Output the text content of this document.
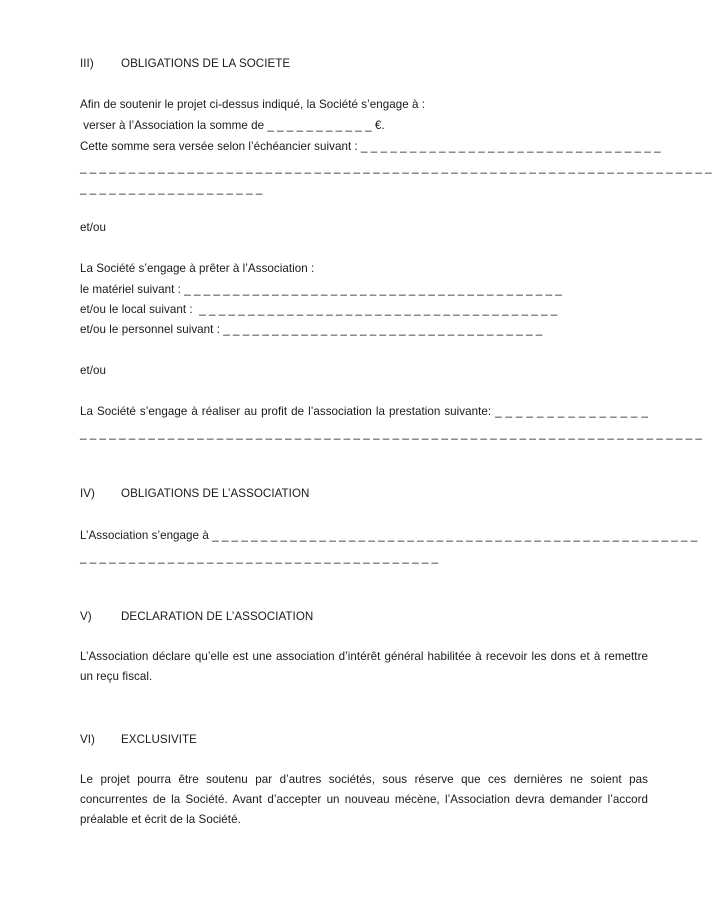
III) OBLIGATIONS DE LA SOCIETE
Afin de soutenir le projet ci-dessus indiqué, la Société s’engage à :
verser à l’Association la somme de _ _ _ _ _ _ _ _ _ _ _ €.
Cette somme sera versée selon l’échéancier suivant : _ _ _ _ _ _ _ _ _ _ _ _ _ _ _ _ _ _ _ _ _ _ _ _ _ _ _ _ _ _ _
_ _ _ _ _ _ _ _ _ _ _ _ _ _ _ _ _ _ _ _ _ _ _ _ _ _ _ _ _ _ _ _ _ _ _ _ _ _ _ _ _ _ _ _ _ _ _ _ _ _ _ _ _ _ _ _ _ _ _ _ _ _ _ _ _
_ _ _ _ _ _ _ _ _ _ _ _ _ _ _ _ _ _ _
et/ou
La Société s’engage à prêter à l’Association :
le matériel suivant : _ _ _ _ _ _ _ _ _ _ _ _ _ _ _ _ _ _ _ _ _ _ _ _ _ _ _ _ _ _ _ _ _ _ _ _ _ _ _
et/ou le local suivant :  _ _ _ _ _ _ _ _ _ _ _ _ _ _ _ _ _ _ _ _ _ _ _ _ _ _ _ _ _ _ _ _ _ _ _ _ _
et/ou le personnel suivant : _ _ _ _ _ _ _ _ _ _ _ _ _ _ _ _ _ _ _ _ _ _ _ _ _ _ _ _ _ _ _ _ _
et/ou
La Société s’engage à réaliser au profit de l’association la prestation suivante: _ _ _ _ _ _ _ _ _ _ _ _ _ _ _
_ _ _ _ _ _ _ _ _ _ _ _ _ _ _ _ _ _ _ _ _ _ _ _ _ _ _ _ _ _ _ _ _ _ _ _ _ _ _ _ _ _ _ _ _ _ _ _ _ _ _ _ _ _ _ _ _ _ _ _ _ _ _ _
IV) OBLIGATIONS DE L’ASSOCIATION
L’Association s’engage à _ _ _ _ _ _ _ _ _ _ _ _ _ _ _ _ _ _ _ _ _ _ _ _ _ _ _ _ _ _ _ _ _ _ _ _ _ _ _ _ _ _ _ _ _ _ _ _ _ _
_ _ _ _ _ _ _ _ _ _ _ _ _ _ _ _ _ _ _ _ _ _ _ _ _ _ _ _ _ _ _ _ _ _ _ _ _
V)	DECLARATION DE L’ASSOCIATION
L’Association déclare qu’elle est une association d’intérêt général habilitée à recevoir les dons et à remettre un reçu fiscal.
VI) EXCLUSIVITE
Le projet pourra être soutenu par d’autres sociétés, sous réserve que ces dernières ne soient pas concurrentes de la Société. Avant d’accepter un nouveau mécène, l’Association devra demander l’accord préalable et écrit de la Société.
